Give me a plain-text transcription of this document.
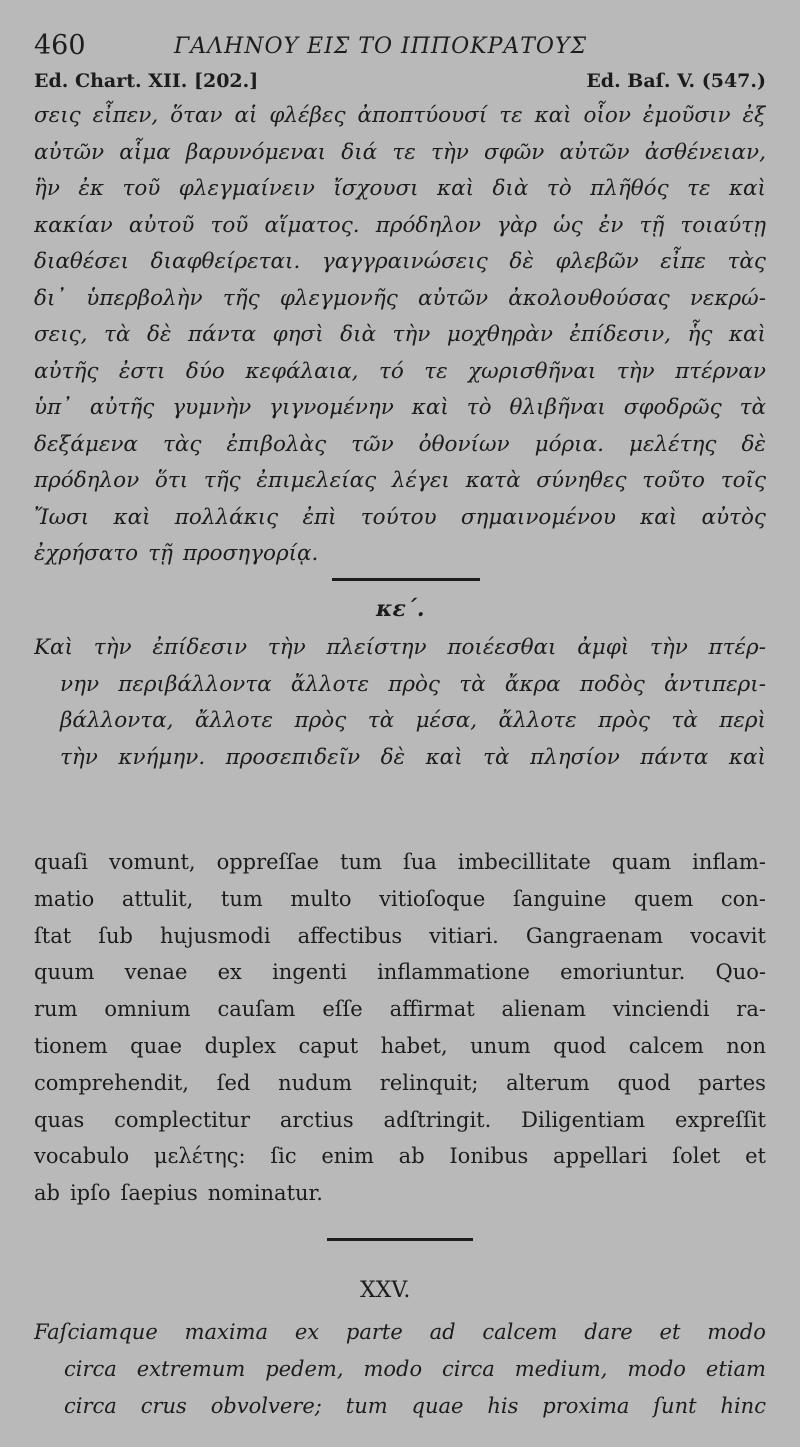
460	ΓΑΛΗΝΟΥ ΕΙΣ ΤΟ ΙΠΠΟΚΡΑΤΟΥΣ
Ed. Chart. XII. [202.]	Ed. Baſ. V. (547.)
σεις εἶπεν, ὅταν αἱ φλέβες ἀποπτύουσί τε καὶ οἷον ἐμοῦσιν ἐξ
αὐτῶν αἷμα βαρυνόμεναι διά τε τὴν σφῶν αὐτῶν ἀσθένειαν,
ἣν ἐκ τοῦ φλεγμαίνειν ἴσχουσι καὶ διὰ τὸ πλῆθός τε καὶ
κακίαν αὐτοῦ τοῦ αἵματος. πρόδηλον γὰρ ὡς ἐν τῇ τοιαύτῃ
διαθέσει διαφθείρεται. γαγγραινώσεις δὲ φλεβῶν εἶπε τὰς
δι᾽ ὑπερβολὴν τῆς φλεγμονῆς αὐτῶν ἀκολουθούσας νεκρώ-
σεις, τὰ δὲ πάντα φησὶ διὰ τὴν μοχθηρὰν ἐπίδεσιν, ἧς καὶ
αὐτῆς ἐστι δύο κεφάλαια, τό τε χωρισθῆναι τὴν πτέρναν
ὑπ᾽ αὐτῆς γυμνὴν γιγνομένην καὶ τὸ θλιβῆναι σφοδρῶς τὰ
δεξάμενα τὰς ἐπιβολὰς τῶν ὀθονίων μόρια. μελέτης δὲ
πρόδηλον ὅτι τῆς ἐπιμελείας λέγει κατὰ σύνηθες τοῦτο τοῖς
Ἴωσι καὶ πολλάκις ἐπὶ τούτου σημαινομένου καὶ αὐτὸς
ἐχρήσατο τῇ προσηγορίᾳ.
κε΄.
Καὶ τὴν ἐπίδεσιν τὴν πλείστην ποιέεσθαι ἀμφὶ τὴν πτέρ-
νην περιβάλλοντα ἄλλοτε πρὸς τὰ ἄκρα ποδὸς ἀντιπερι-
βάλλοντα, ἄλλοτε πρὸς τὰ μέσα, ἄλλοτε πρὸς τὰ περὶ
τὴν κνήμην. προσεπιδεῖν δὲ καὶ τὰ πλησίον πάντα καὶ
quaſi vomunt, oppreſſae tum ſua imbecillitate quam inflam-
matio attulit, tum multo vitioſoque ſanguine quem con-
ſtat ſub hujusmodi affectibus vitiari. Gangraenam vocavit
quum venae ex ingenti inflammatione emoriuntur. Quo-
rum omnium cauſam eſſe affirmat alienam vinciendi ra-
tionem quae duplex caput habet, unum quod calcem non
comprehendit, ſed nudum relinquit; alterum quod partes
quas complectitur arctius adſtringit. Diligentiam expreſſit
vocabulo μελέτης: ſic enim ab Ionibus appellari ſolet et
ab ipſo ſaepius nominatur.
XXV.
Faſciamque maxima ex parte ad calcem dare et modo
circa extremum pedem, modo circa medium, modo etiam
circa crus obvolvere; tum quae his proxima ſunt hinc
